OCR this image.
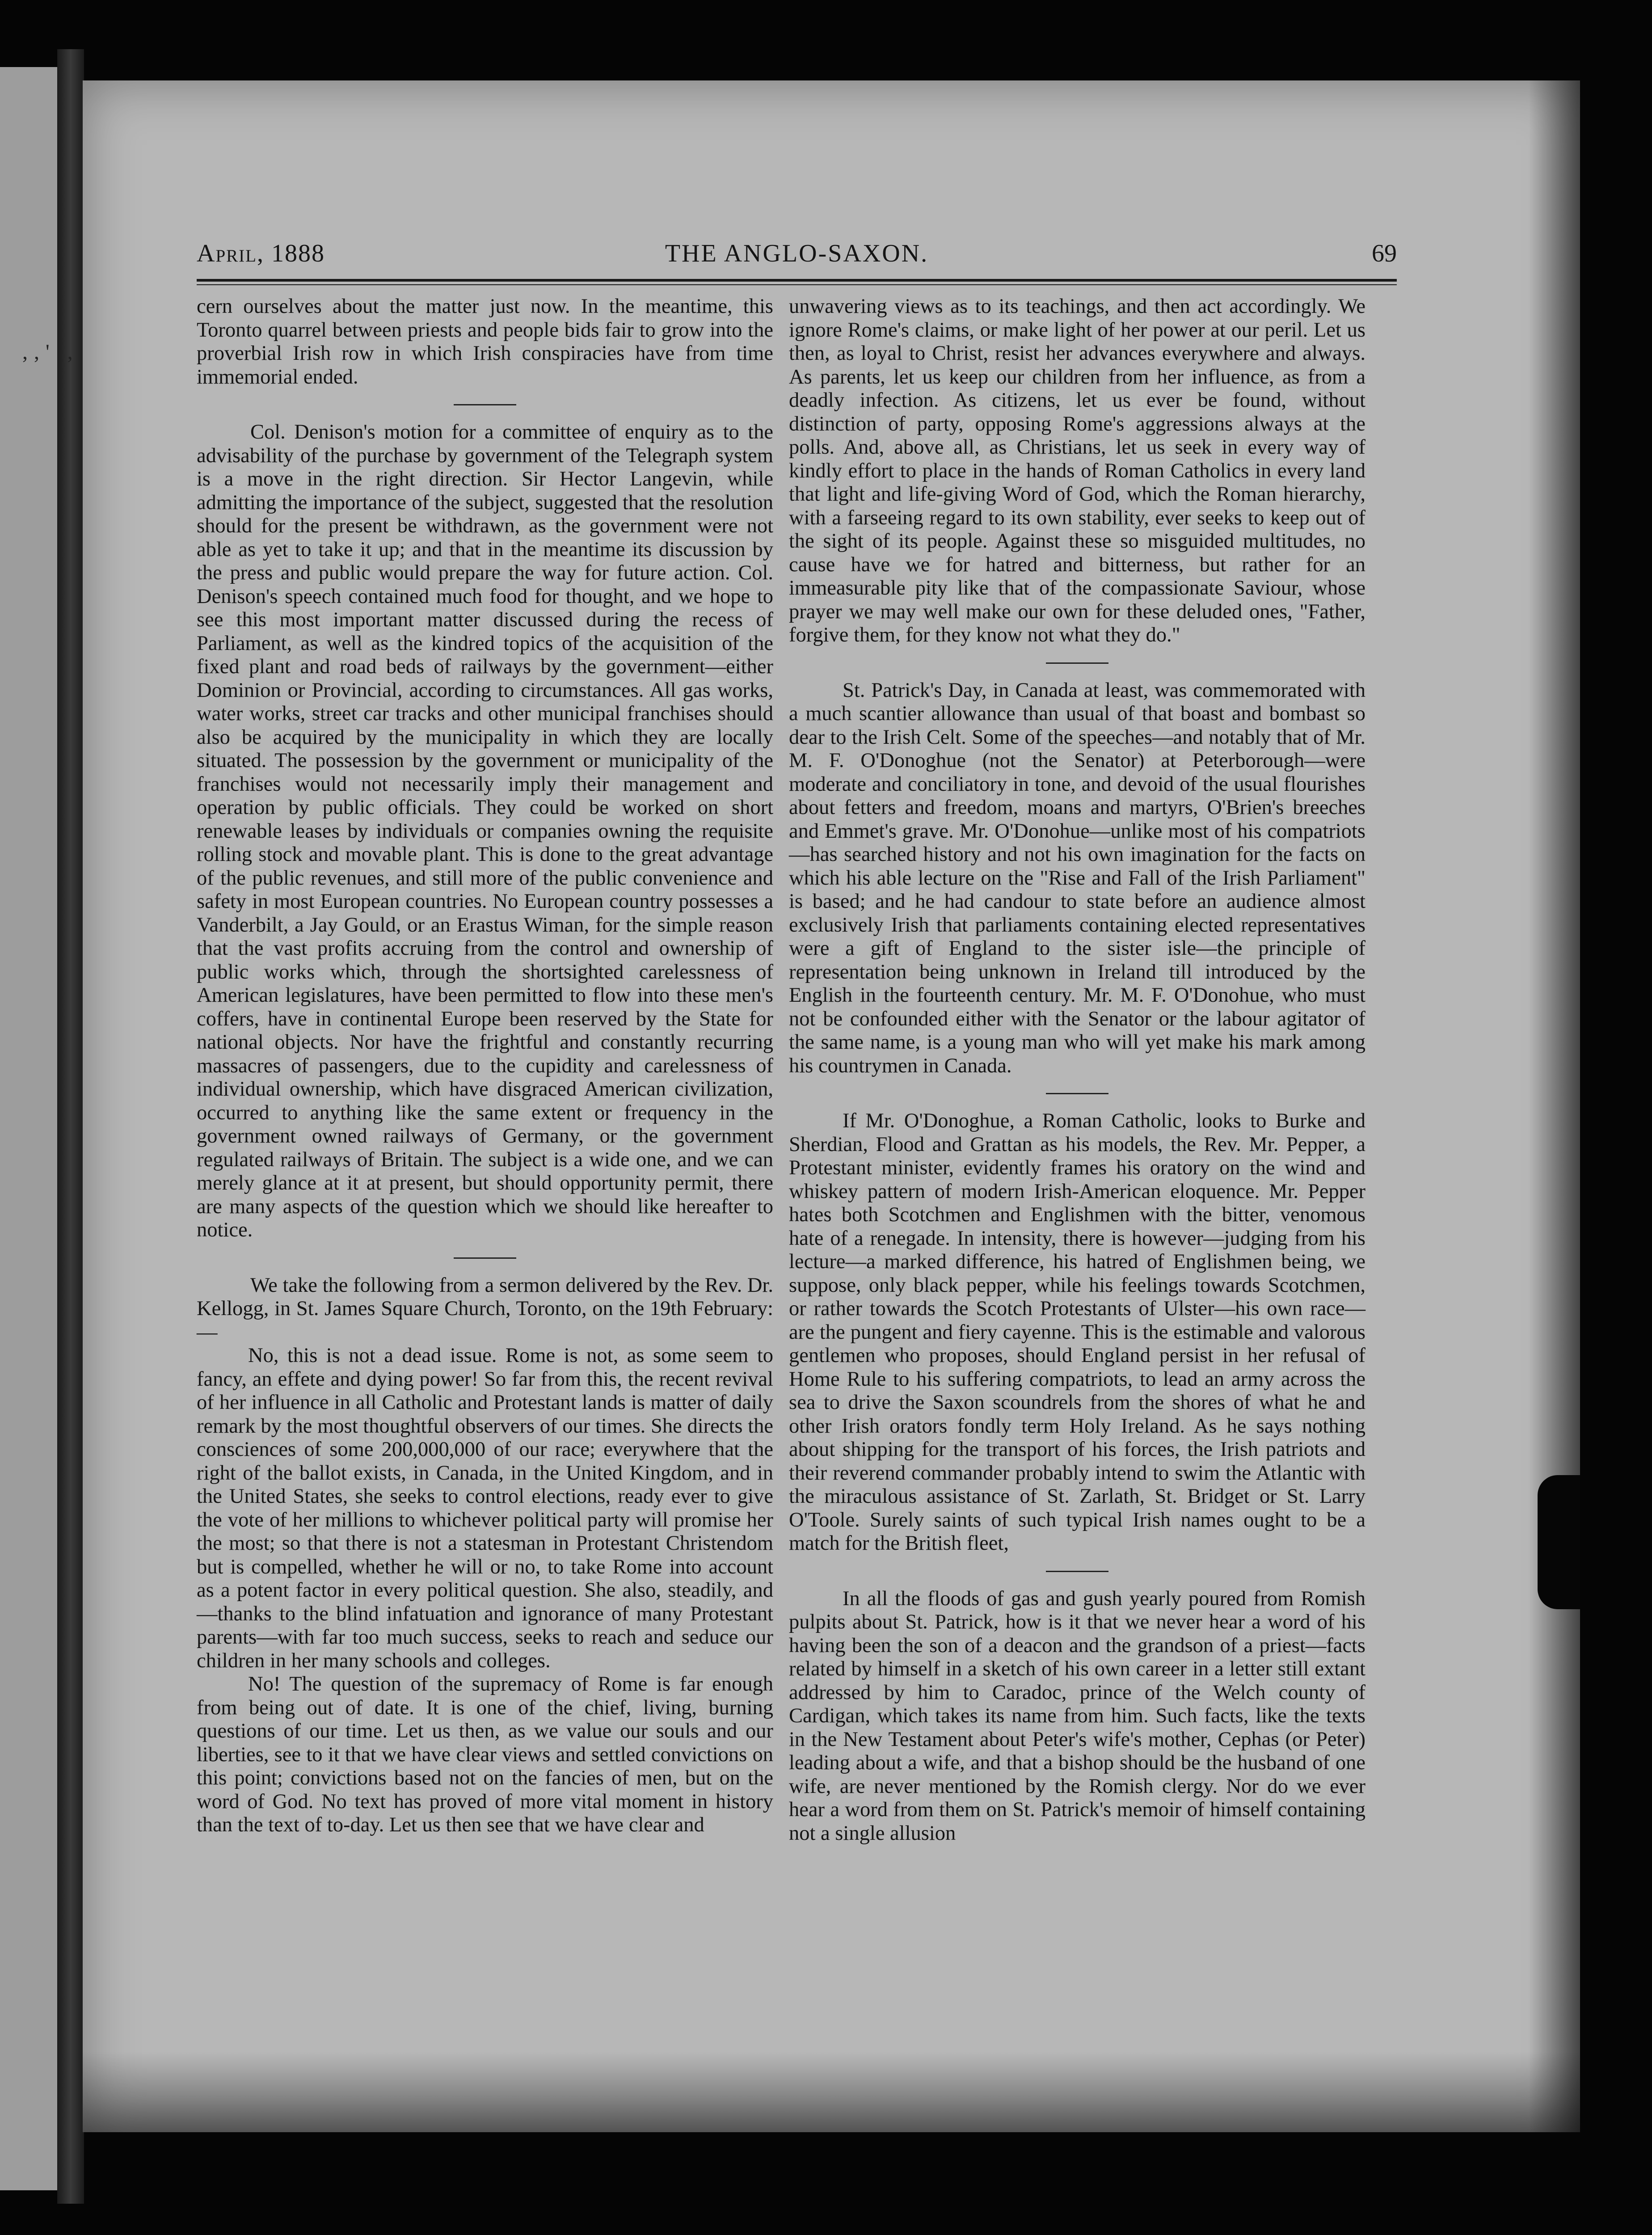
,,' ,
April, 1888	THE ANGLO-SAXON.	69

cern ourselves about the matter just now. In the meantime, this Toronto quarrel between priests and people bids fair to grow into the proverbial Irish row in which Irish conspiracies have from time immemorial ended.

Col. Denison's motion for a committee of enquiry as to the advisability of the purchase by government of the Telegraph system is a move in the right direction. Sir Hector Langevin, while admitting the importance of the subject, suggested that the resolution should for the present be withdrawn, as the government were not able as yet to take it up; and that in the meantime its discussion by the press and public would prepare the way for future action. Col. Denison's speech contained much food for thought, and we hope to see this most important matter discussed during the recess of Parliament, as well as the kindred topics of the acquisition of the fixed plant and road beds of railways by the government—either Dominion or Provincial, according to circumstances. All gas works, water works, street car tracks and other municipal franchises should also be acquired by the municipality in which they are locally situated. The possession by the government or municipality of the franchises would not necessarily imply their management and operation by public officials. They could be worked on short renewable leases by individuals or companies owning the requisite rolling stock and movable plant. This is done to the great advantage of the public revenues, and still more of the public convenience and safety in most European countries. No European country possesses a Vanderbilt, a Jay Gould, or an Erastus Wiman, for the simple reason that the vast profits accruing from the control and ownership of public works which, through the shortsighted carelessness of American legislatures, have been permitted to flow into these men's coffers, have in continental Europe been reserved by the State for national objects. Nor have the frightful and constantly recurring massacres of passengers, due to the cupidity and carelessness of individual ownership, which have disgraced American civilization, occurred to anything like the same extent or frequency in the government owned railways of Germany, or the government regulated railways of Britain. The subject is a wide one, and we can merely glance at it at present, but should opportunity permit, there are many aspects of the question which we should like hereafter to notice.

We take the following from a sermon delivered by the Rev. Dr. Kellogg, in St. James Square Church, Toronto, on the 19th February:—

No, this is not a dead issue. Rome is not, as some seem to fancy, an effete and dying power! So far from this, the recent revival of her influence in all Catholic and Protestant lands is matter of daily remark by the most thoughtful observers of our times. She directs the consciences of some 200,000,000 of our race; everywhere that the right of the ballot exists, in Canada, in the United Kingdom, and in the United States, she seeks to control elections, ready ever to give the vote of her millions to whichever political party will promise her the most; so that there is not a statesman in Protestant Christendom but is compelled, whether he will or no, to take Rome into account as a potent factor in every political question. She also, steadily, and—thanks to the blind infatuation and ignorance of many Protestant parents—with far too much success, seeks to reach and seduce our children in her many schools and colleges.

No! The question of the supremacy of Rome is far enough from being out of date. It is one of the chief, living, burning questions of our time. Let us then, as we value our souls and our liberties, see to it that we have clear views and settled convictions on this point; convictions based not on the fancies of men, but on the word of God. No text has proved of more vital moment in history than the text of to-day. Let us then see that we have clear and

unwavering views as to its teachings, and then act accordingly. We ignore Rome's claims, or make light of her power at our peril. Let us then, as loyal to Christ, resist her advances everywhere and always. As parents, let us keep our children from her influence, as from a deadly infection. As citizens, let us ever be found, without distinction of party, opposing Rome's aggressions always at the polls. And, above all, as Christians, let us seek in every way of kindly effort to place in the hands of Roman Catholics in every land that light and life-giving Word of God, which the Roman hierarchy, with a farseeing regard to its own stability, ever seeks to keep out of the sight of its people. Against these so misguided multitudes, no cause have we for hatred and bitterness, but rather for an immeasurable pity like that of the compassionate Saviour, whose prayer we may well make our own for these deluded ones, "Father, forgive them, for they know not what they do."

St. Patrick's Day, in Canada at least, was commemorated with a much scantier allowance than usual of that boast and bombast so dear to the Irish Celt. Some of the speeches—and notably that of Mr. M. F. O'Donoghue (not the Senator) at Peterborough—were moderate and conciliatory in tone, and devoid of the usual flourishes about fetters and freedom, moans and martyrs, O'Brien's breeches and Emmet's grave. Mr. O'Donohue—unlike most of his compatriots—has searched history and not his own imagination for the facts on which his able lecture on the "Rise and Fall of the Irish Parliament" is based; and he had candour to state before an audience almost exclusively Irish that parliaments containing elected representatives were a gift of England to the sister isle—the principle of representation being unknown in Ireland till introduced by the English in the fourteenth century. Mr. M. F. O'Donohue, who must not be confounded either with the Senator or the labour agitator of the same name, is a young man who will yet make his mark among his countrymen in Canada.

If Mr. O'Donoghue, a Roman Catholic, looks to Burke and Sherdian, Flood and Grattan as his models, the Rev. Mr. Pepper, a Protestant minister, evidently frames his oratory on the wind and whiskey pattern of modern Irish-American eloquence. Mr. Pepper hates both Scotchmen and Englishmen with the bitter, venomous hate of a renegade. In intensity, there is however—judging from his lecture—a marked difference, his hatred of Englishmen being, we suppose, only black pepper, while his feelings towards Scotchmen, or rather towards the Scotch Protestants of Ulster—his own race—are the pungent and fiery cayenne. This is the estimable and valorous gentlemen who proposes, should England persist in her refusal of Home Rule to his suffering compatriots, to lead an army across the sea to drive the Saxon scoundrels from the shores of what he and other Irish orators fondly term Holy Ireland. As he says nothing about shipping for the transport of his forces, the Irish patriots and their reverend commander probably intend to swim the Atlantic with the miraculous assistance of St. Zarlath, St. Bridget or St. Larry O'Toole. Surely saints of such typical Irish names ought to be a match for the British fleet,

In all the floods of gas and gush yearly poured from Romish pulpits about St. Patrick, how is it that we never hear a word of his having been the son of a deacon and the grandson of a priest—facts related by himself in a sketch of his own career in a letter still extant addressed by him to Caradoc, prince of the Welch county of Cardigan, which takes its name from him. Such facts, like the texts in the New Testament about Peter's wife's mother, Cephas (or Peter) leading about a wife, and that a bishop should be the husband of one wife, are never mentioned by the Romish clergy. Nor do we ever hear a word from them on St. Patrick's memoir of himself containing not a single allusion
